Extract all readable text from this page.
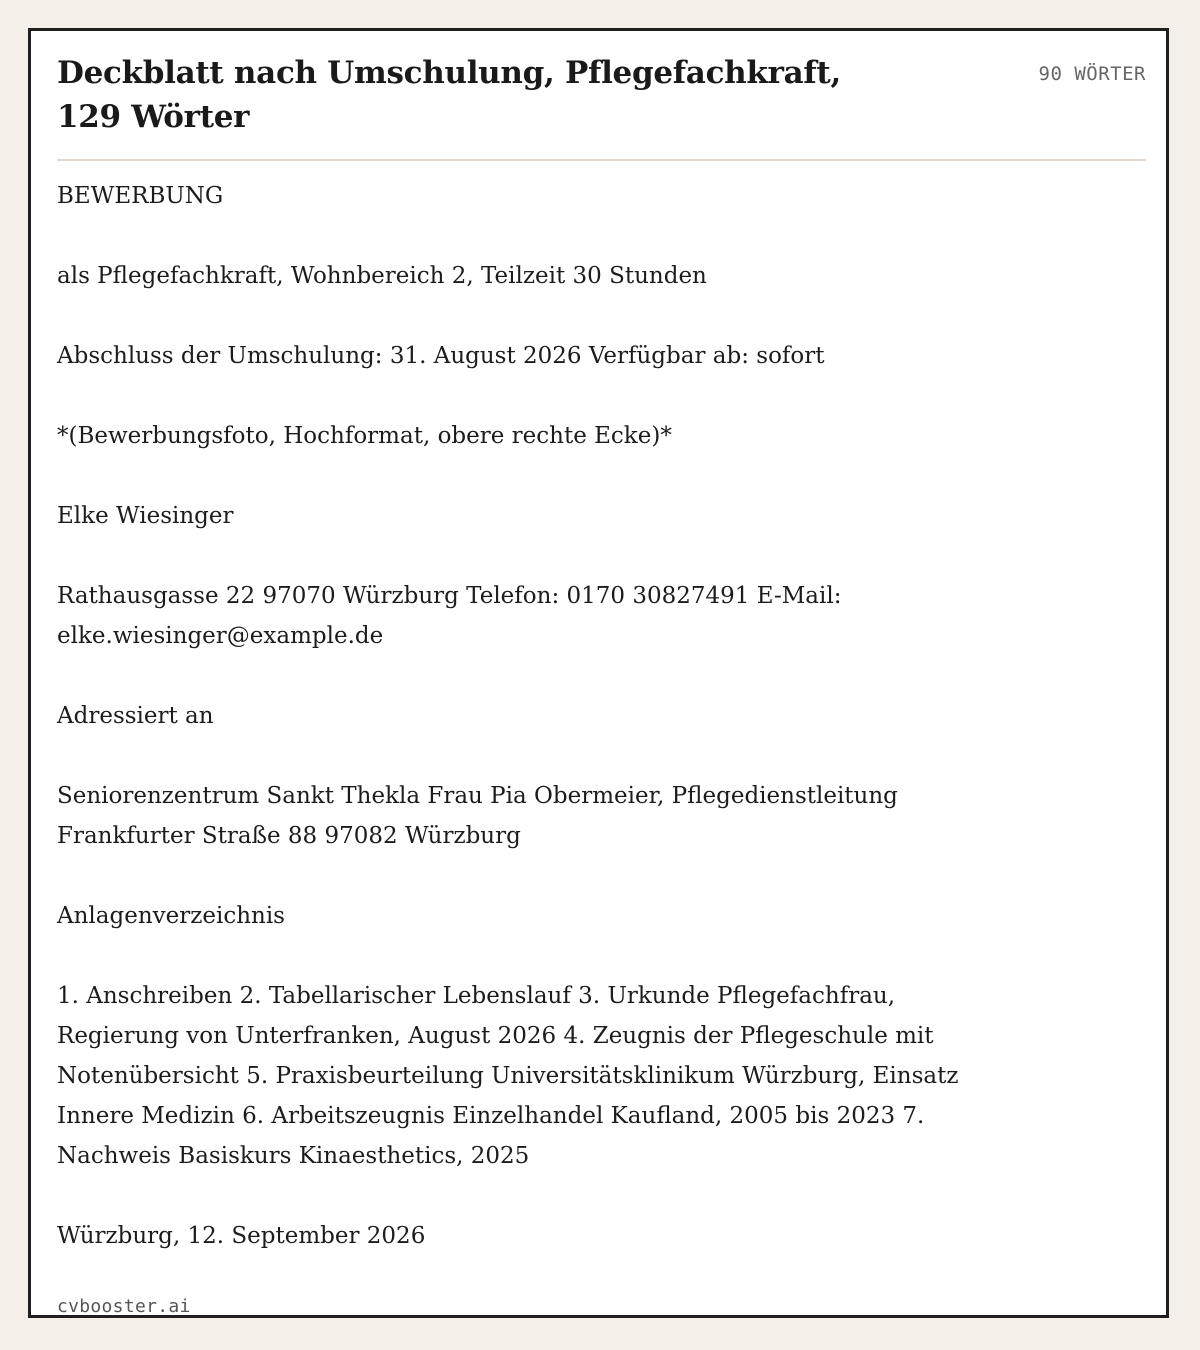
Deckblatt nach Umschulung, Pflegefachkraft, 129 Wörter
90 WÖRTER

BEWERBUNG

als Pflegefachkraft, Wohnbereich 2, Teilzeit 30 Stunden

Abschluss der Umschulung: 31. August 2026 Verfügbar ab: sofort

*(Bewerbungsfoto, Hochformat, obere rechte Ecke)*

Elke Wiesinger

Rathausgasse 22 97070 Würzburg Telefon: 0170 30827491 E-Mail: elke.wiesinger@example.de

Adressiert an

Seniorenzentrum Sankt Thekla Frau Pia Obermeier, Pflegedienstleitung Frankfurter Straße 88 97082 Würzburg

Anlagenverzeichnis

1. Anschreiben 2. Tabellarischer Lebenslauf 3. Urkunde Pflegefachfrau, Regierung von Unterfranken, August 2026 4. Zeugnis der Pflegeschule mit Notenübersicht 5. Praxisbeurteilung Universitätsklinikum Würzburg, Einsatz Innere Medizin 6. Arbeitszeugnis Einzelhandel Kaufland, 2005 bis 2023 7. Nachweis Basiskurs Kinaesthetics, 2025

Würzburg, 12. September 2026

cvbooster.ai
